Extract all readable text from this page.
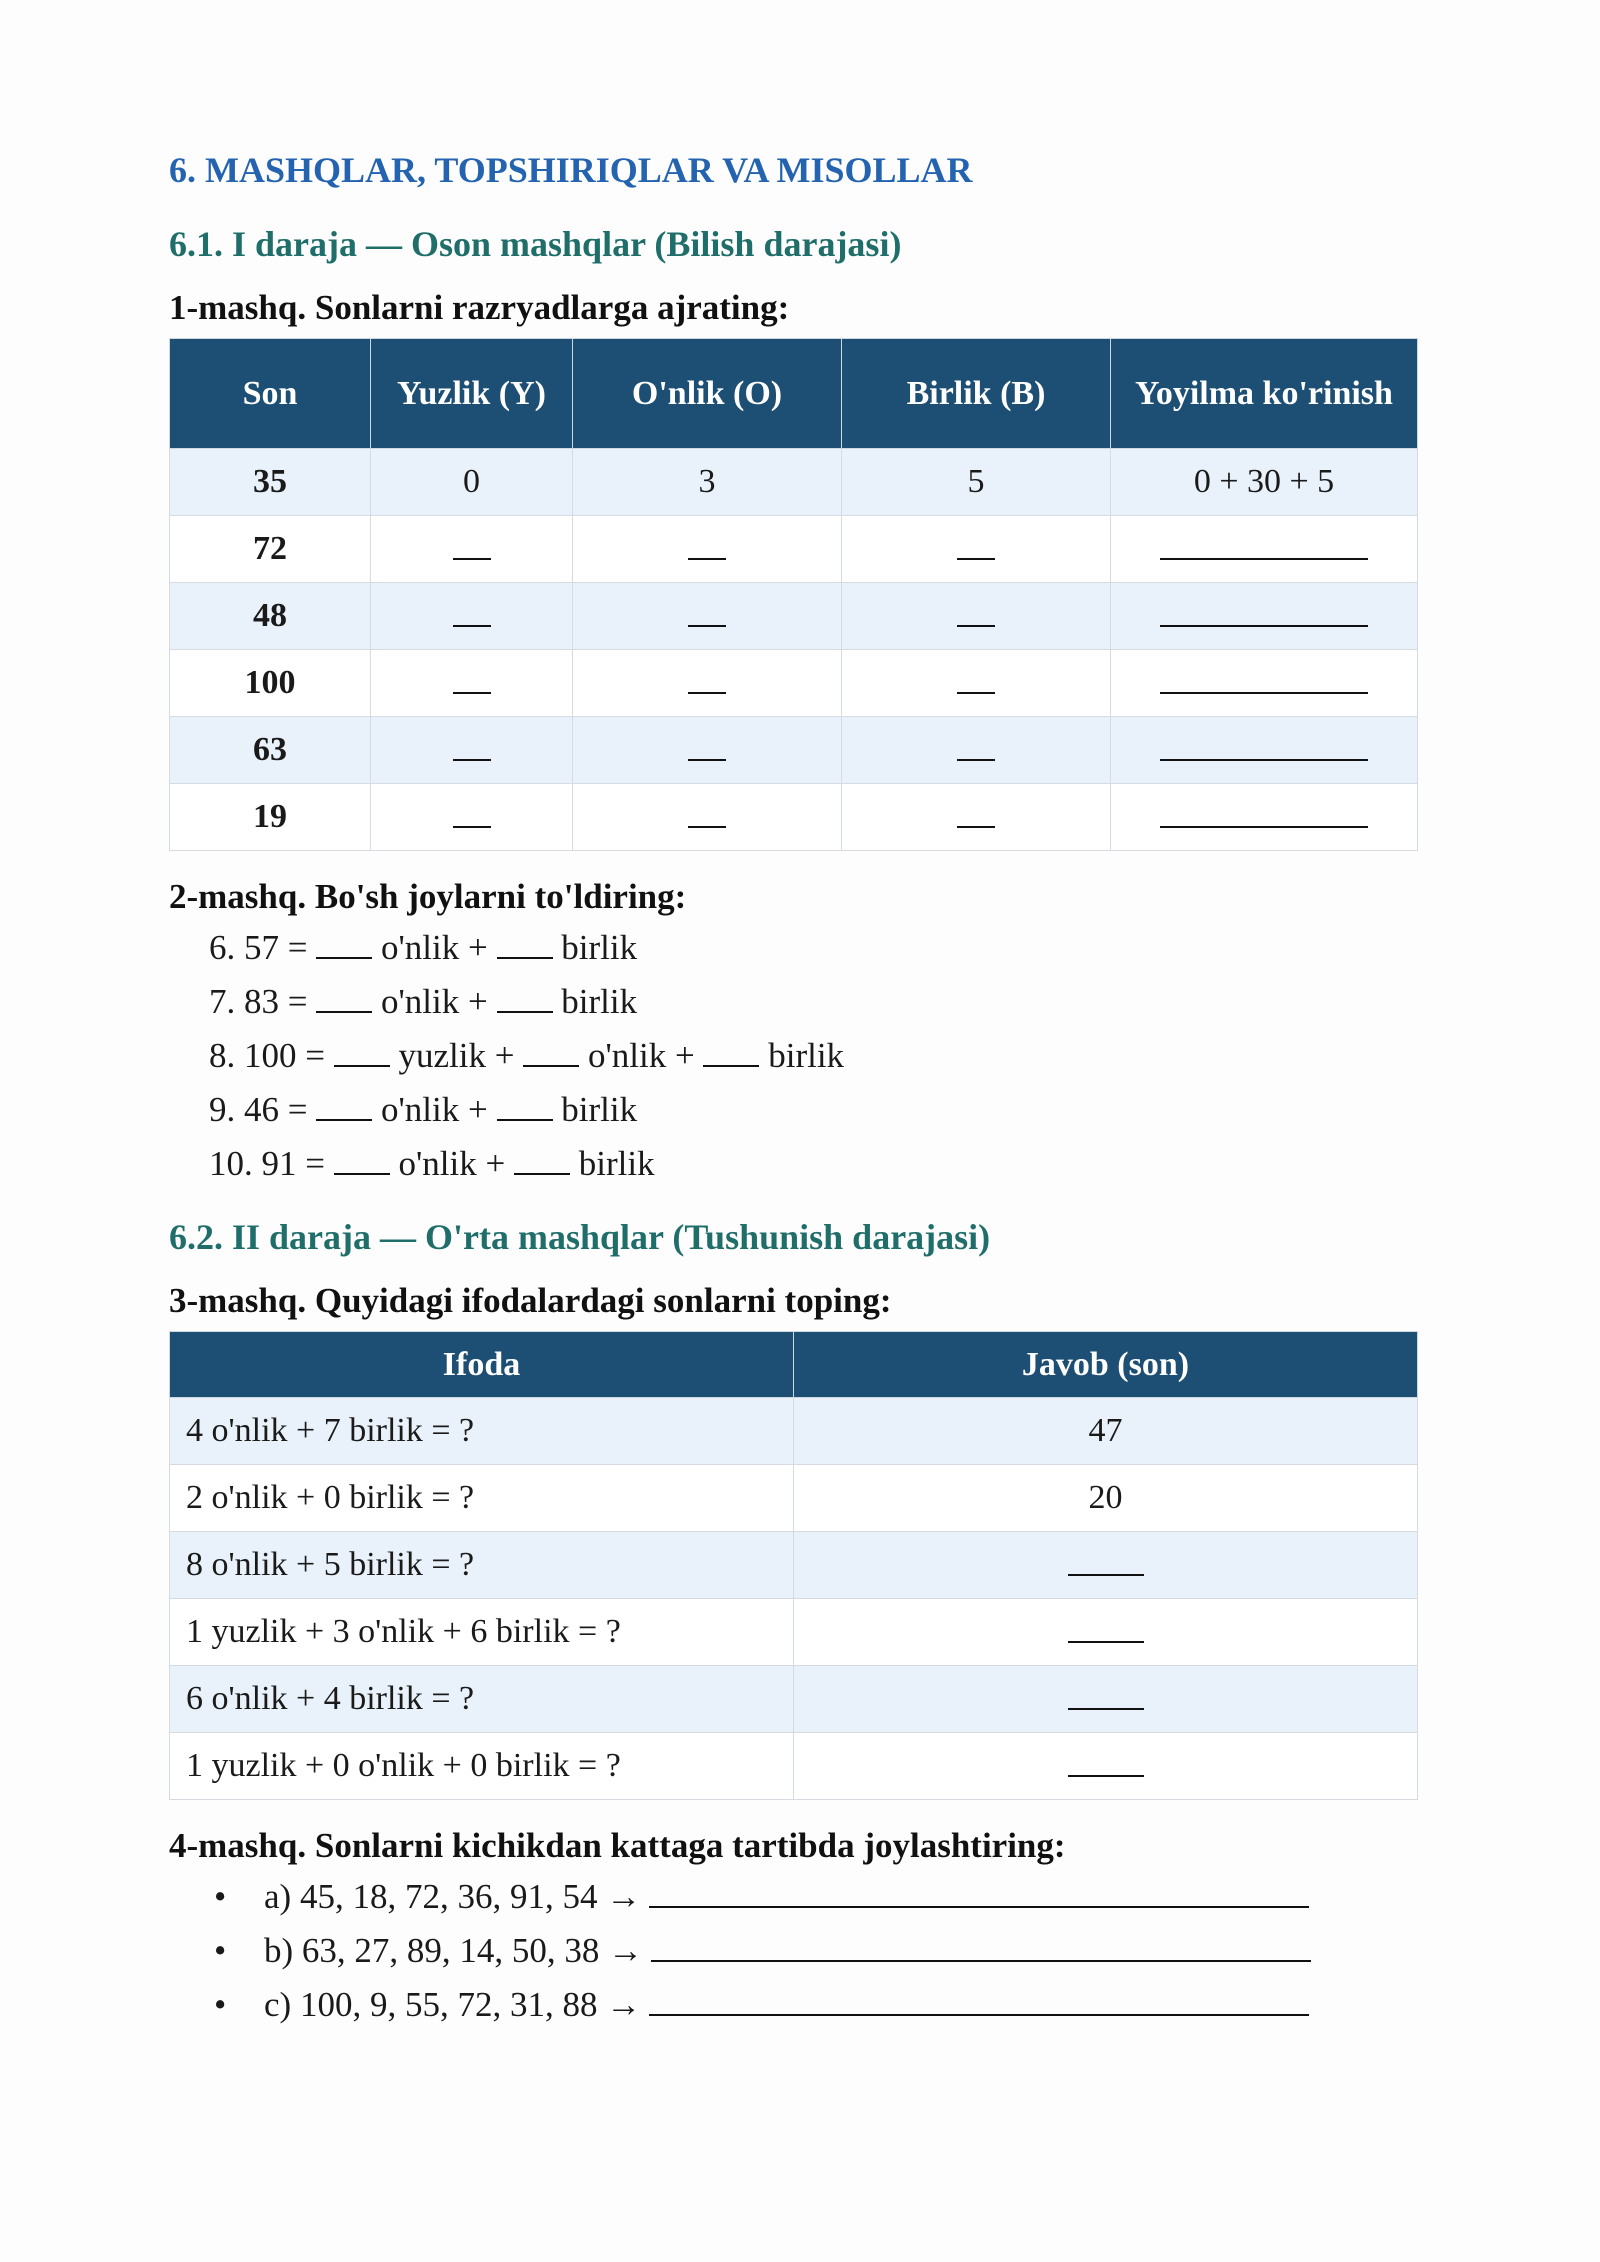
6. MASHQLAR, TOPSHIRIQLAR VA MISOLLAR
6.1. I daraja — Oson mashqlar (Bilish darajasi)
1-mashq. Sonlarni razryadlarga ajrating:
Son	Yuzlik (Y)	O'nlik (O)	Birlik (B)	Yoyilma ko'rinish
35	0	3	5	0 + 30 + 5
72				
48				
100				
63				
19				
2-mashq. Bo'sh joylarni to'ldiring:
6. 57 = o'nlik + birlik
7. 83 = o'nlik + birlik
8. 100 = yuzlik + o'nlik + birlik
9. 46 = o'nlik + birlik
10. 91 = o'nlik + birlik
6.2. II daraja — O'rta mashqlar (Tushunish darajasi)
3-mashq. Quyidagi ifodalardagi sonlarni toping:
Ifoda	Javob (son)
4 o'nlik + 7 birlik = ?	47
2 o'nlik + 0 birlik = ?	20
8 o'nlik + 5 birlik = ?	
1 yuzlik + 3 o'nlik + 6 birlik = ?	
6 o'nlik + 4 birlik = ?	
1 yuzlik + 0 o'nlik + 0 birlik = ?	
4-mashq. Sonlarni kichikdan kattaga tartibda joylashtiring:
• a) 45, 18, 72, 36, 91, 54 →
• b) 63, 27, 89, 14, 50, 38 →
• c) 100, 9, 55, 72, 31, 88 →
